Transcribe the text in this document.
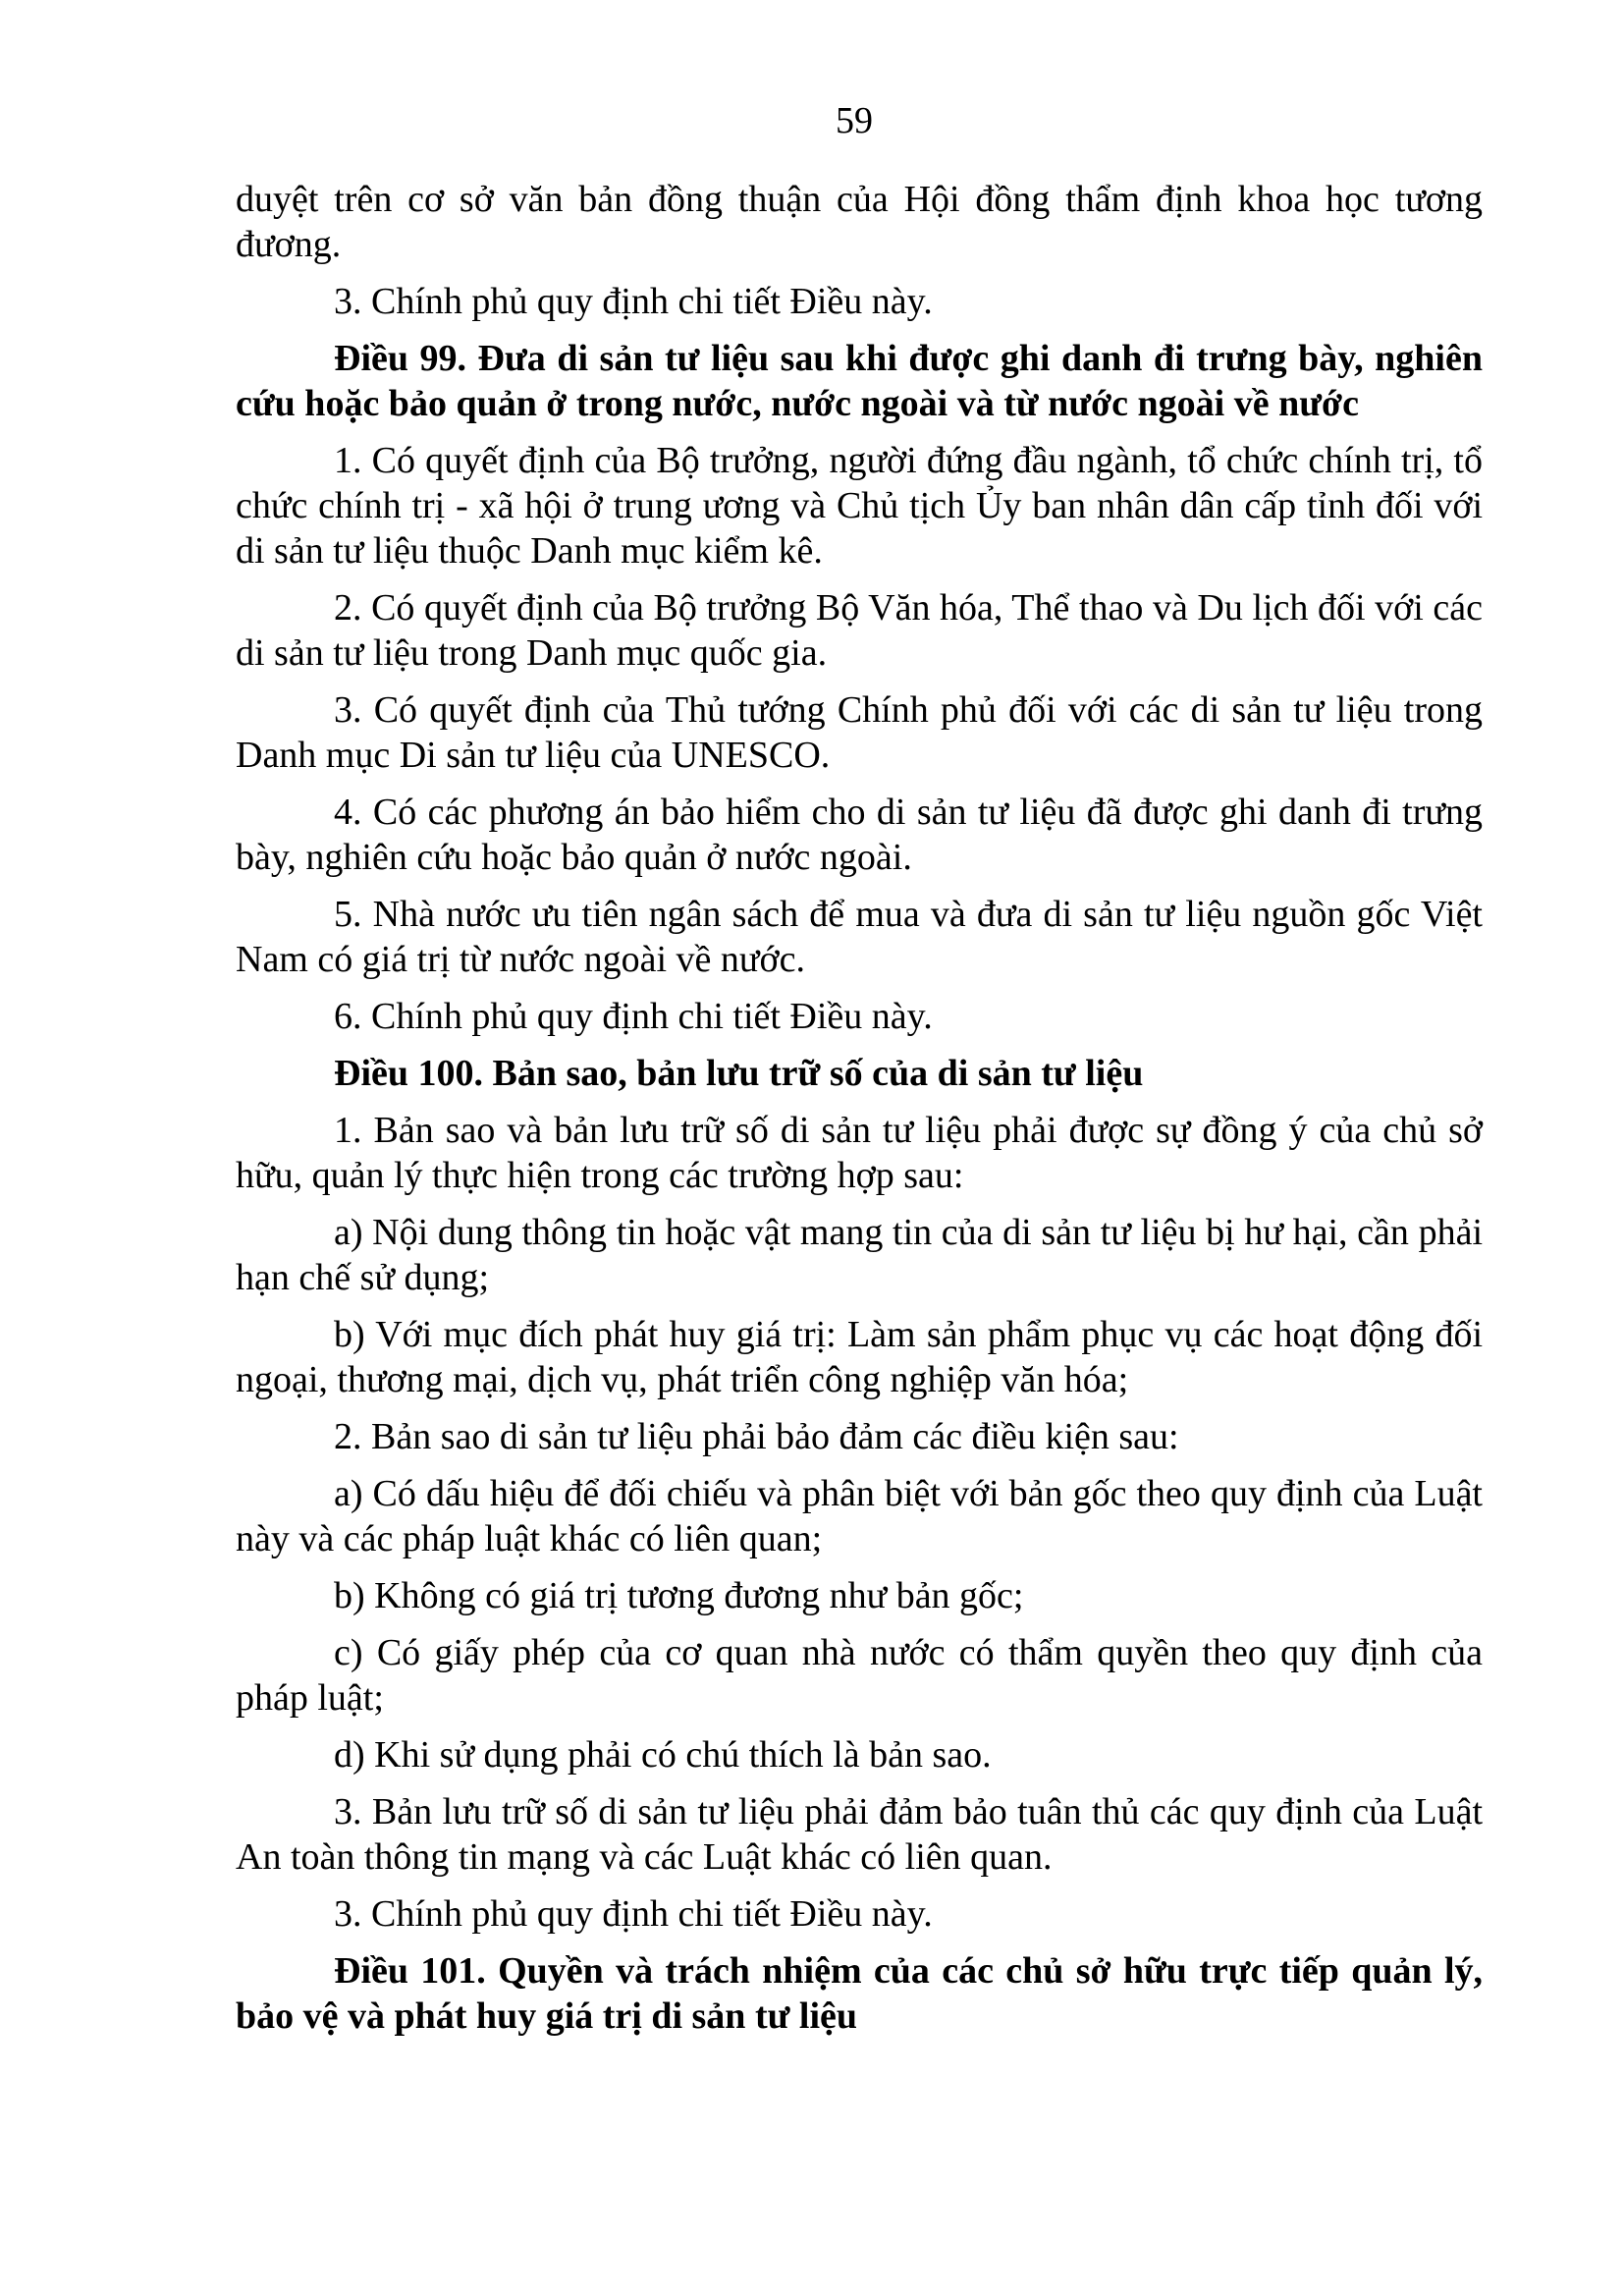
59

duyệt trên cơ sở văn bản đồng thuận của Hội đồng thẩm định khoa học tương đương.

3. Chính phủ quy định chi tiết Điều này.

Điều 99. Đưa di sản tư liệu sau khi được ghi danh đi trưng bày, nghiên cứu hoặc bảo quản ở trong nước, nước ngoài và từ nước ngoài về nước

1. Có quyết định của Bộ trưởng, người đứng đầu ngành, tổ chức chính trị, tổ chức chính trị - xã hội ở trung ương và Chủ tịch Ủy ban nhân dân cấp tỉnh đối với di sản tư liệu thuộc Danh mục kiểm kê.

2. Có quyết định của Bộ trưởng Bộ Văn hóa, Thể thao và Du lịch đối với các di sản tư liệu trong Danh mục quốc gia.

3. Có quyết định của Thủ tướng Chính phủ đối với các di sản tư liệu trong Danh mục Di sản tư liệu của UNESCO.

4. Có các phương án bảo hiểm cho di sản tư liệu đã được ghi danh đi trưng bày, nghiên cứu hoặc bảo quản ở nước ngoài.

5. Nhà nước ưu tiên ngân sách để mua và đưa di sản tư liệu nguồn gốc Việt Nam có giá trị từ nước ngoài về nước.

6. Chính phủ quy định chi tiết Điều này.

Điều 100. Bản sao, bản lưu trữ số của di sản tư liệu

1. Bản sao và bản lưu trữ số di sản tư liệu phải được sự đồng ý của chủ sở hữu, quản lý thực hiện trong các trường hợp sau:

a) Nội dung thông tin hoặc vật mang tin của di sản tư liệu bị hư hại, cần phải hạn chế sử dụng;

b) Với mục đích phát huy giá trị: Làm sản phẩm phục vụ các hoạt động đối ngoại, thương mại, dịch vụ, phát triển công nghiệp văn hóa;

2. Bản sao di sản tư liệu phải bảo đảm các điều kiện sau:

a) Có dấu hiệu để đối chiếu và phân biệt với bản gốc theo quy định của Luật này và các pháp luật khác có liên quan;

b) Không có giá trị tương đương như bản gốc;

c) Có giấy phép của cơ quan nhà nước có thẩm quyền theo quy định của pháp luật;

d) Khi sử dụng phải có chú thích là bản sao.

3. Bản lưu trữ số di sản tư liệu phải đảm bảo tuân thủ các quy định của Luật An toàn thông tin mạng và các Luật khác có liên quan.

3. Chính phủ quy định chi tiết Điều này.

Điều 101. Quyền và trách nhiệm của các chủ sở hữu trực tiếp quản lý, bảo vệ và phát huy giá trị di sản tư liệu
